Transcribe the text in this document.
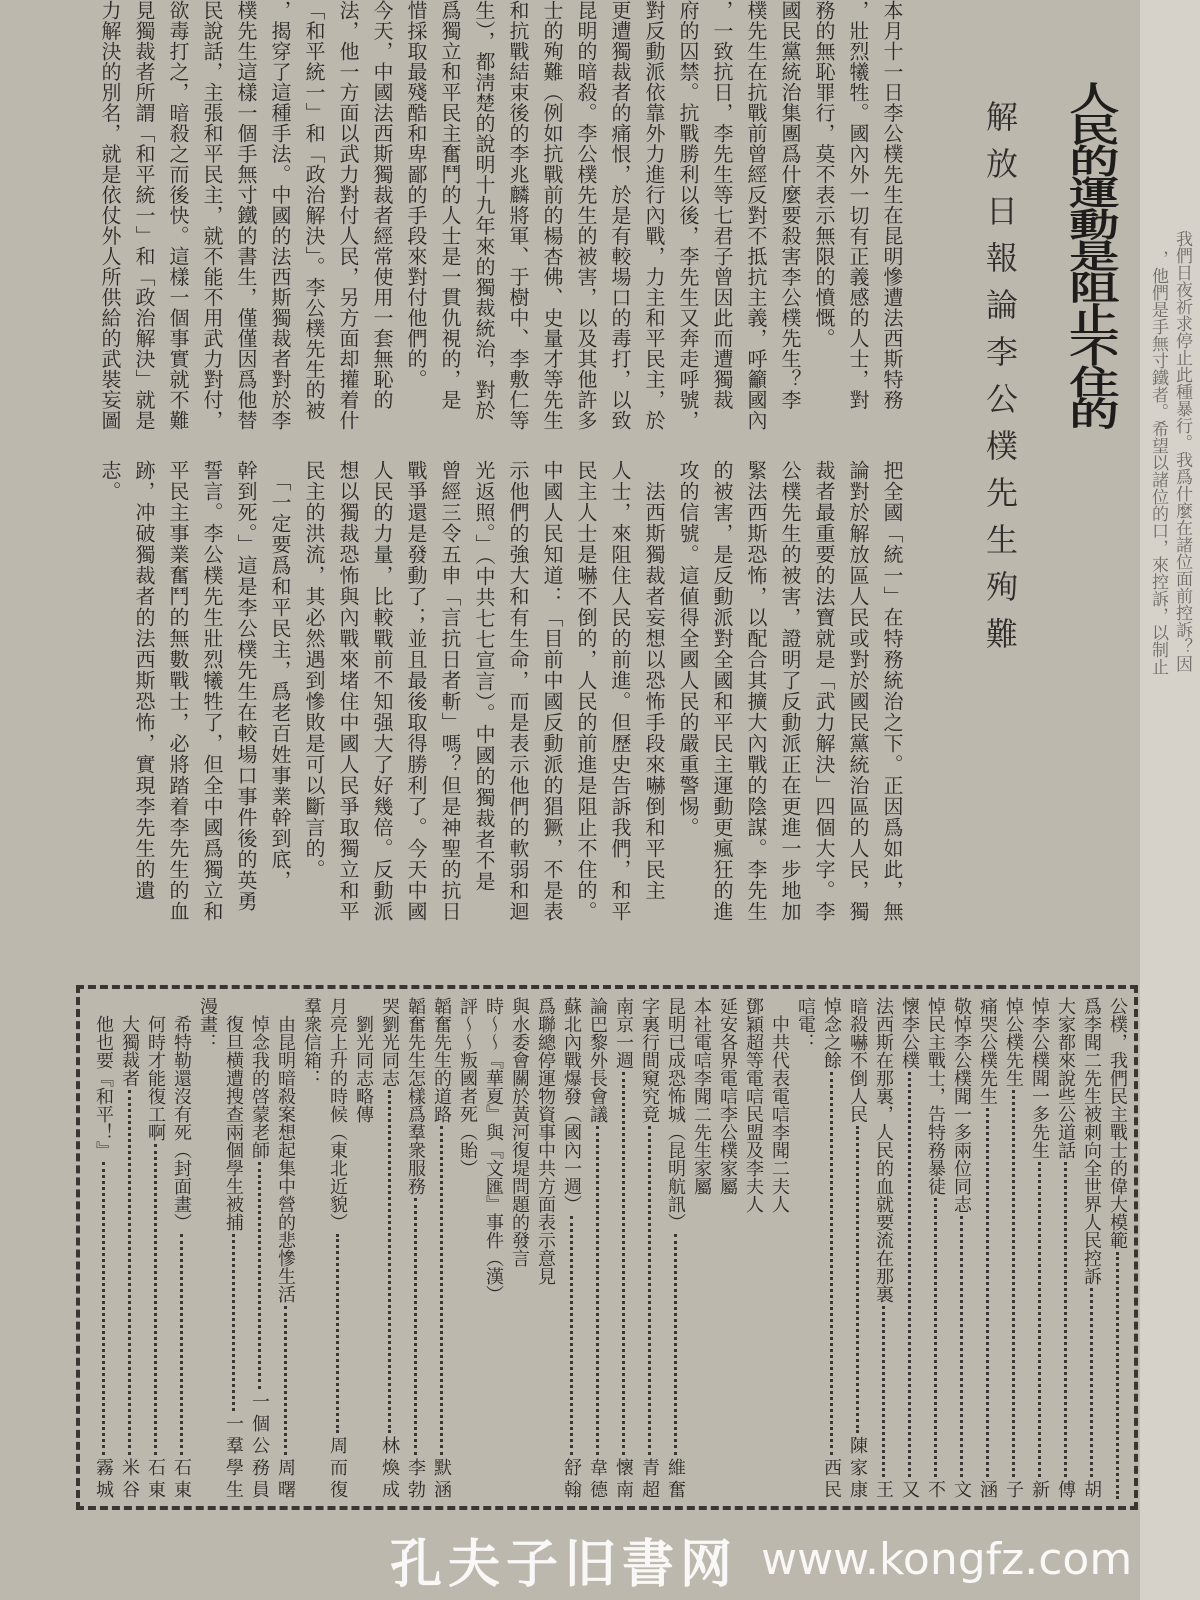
我們日夜祈求停止此種暴行。我爲什麼在諸位面前控訴？因
，他們是手無寸鐵者。希望以諸位的口，來控訴，以制止
人民的運動是阻止不住的
解放日報論李公樸先生殉難
本月十一日李公樸先生在昆明慘遭法西斯特務
，壯烈犧牲。國內外一切有正義感的人士，對
務的無恥罪行，莫不表示無限的憤慨。
國民黨統治集團爲什麼要殺害李公樸先生？李
樸先生在抗戰前曾經反對不抵抗主義，呼籲國內
，一致抗日，李先生等七君子曾因此而遭獨裁
府的囚禁。抗戰勝利以後，李先生又奔走呼號，
對反動派依靠外力進行內戰，力主和平民主，於
更遭獨裁者的痛恨，於是有較場口的毒打，以致
昆明的暗殺。李公樸先生的被害，以及其他許多
士的殉難（例如抗戰前的楊杏佛、史量才等先生
和抗戰結束後的李兆麟將軍、于樹中、李敷仁等
生），都淸楚的說明十九年來的獨裁統治，對於
爲獨立和平民主奮鬥的人士是一貫仇視的，是
惜採取最殘酷和卑鄙的手段來對付他們的。
今天，中國法西斯獨裁者經常使用一套無恥的
法，他一方面以武力對付人民，另方面却㩲着什
「和平統一」和「政治解決」。李公樸先生的被
，揭穿了這種手法。中國的法西斯獨裁者對於李
樸先生這樣一個手無寸鐵的書生，僅僅因爲他替
民說話，主張和平民主，就不能不用武力對付，
欲毒打之，暗殺之而後快。這樣一個事實就不難
見獨裁者所謂「和平統一」和「政治解決」就是
力解決的別名，就是依仗外人所供給的武裝妄圖
把全國「統一」在特務統治之下。正因爲如此，無
論對於解放區人民或對於國民黨統治區的人民，獨
裁者最重要的法寶就是「武力解決」四個大字。李
公樸先生的被害，證明了反動派正在更進一步地加
緊法西斯恐怖，以配合其擴大內戰的陰謀。李先生
的被害，是反動派對全國和平民主運動更瘋狂的進
攻的信號。這値得全國人民的嚴重警惕。
　法西斯獨裁者妄想以恐怖手段來嚇倒和平民主
人士，來阻住人民的前進。但歷史告訴我們，和平
民主人士是嚇不倒的，人民的前進是阻止不住的。
中國人民知道：「目前中國反動派的猖獗，不是表
示他們的強大和有生命，而是表示他們的軟弱和迴
光返照。」（中共七七宣言）。中國的獨裁者不是
曾經三令五申「言抗日者斬」嗎？但是神聖的抗日
戰爭還是發動了；並且最後取得勝利了。今天中國
人民的力量，比較戰前不知强大了好幾倍。反動派
想以獨裁恐怖與內戰來堵住中國人民爭取獨立和平
民主的洪流，其必然遇到慘敗是可以斷言的。
　「一定要爲和平民主，爲老百姓事業幹到底，
幹到死。」這是李公樸先生在較場口事件後的英勇
誓言。李公樸先生壯烈犧牲了，但全中國爲獨立和
平民主事業奮鬥的無數戰士，必將踏着李先生的血
跡，冲破獨裁者的法西斯恐怖，實現李先生的遺
志。
公樸，我們民主戰士的偉大模範
爲李聞二先生被刺向全世界人民控訴
胡
大家都來說些公道話
傅
悼李公樸聞一多先生
新
悼公樸先生
子
痛哭公樸先生
涵
敬悼李公樸聞一多兩位同志
文
悼民主戰士，告特務暴徒
不
懷李公樸
又
法西斯在那裏，人民的血就要流在那裏
王
暗殺嚇不倒人民
陳家康
悼念之餘
西民
唁電：
　中共代表電唁李聞二夫人
鄧穎超等電唁民盟及李夫人
延安各界電唁李公樸家屬
本社電唁李聞二先生家屬
昆明已成恐怖城（昆明航訊）
維奮
字裏行間窺究竟
青超
南京一週
懷南
論巴黎外長會議
韋德
蘇北內戰爆發（國內一週）
舒翰
爲聯總停運物資事中共方面表示意見
與水委會關於黃河復堤問題的發言
時～～『華夏』與『文匯』事件（漢）
評～～叛國者死（貽）
韜奮先生的道路
默涵
韜奮先生怎樣爲羣衆服務
李勃
哭劉光同志
林煥成
　劉光同志略傳
月亮上升的時候（東北近貌）
周而復
羣衆信箱：
　由昆明暗殺案想起集中營的悲慘生活
周曙
　悼念我的啓蒙老師
一個公務員
　復旦横遭搜查兩個學生被捕
一羣學生
漫畫：
　希特勒還沒有死（封面畫）
石東
　何時才能復工啊
石東
　大獨裁者
米谷
　他也要『和平！』
霧城
孔夫子旧書网 www.kongfz.com
